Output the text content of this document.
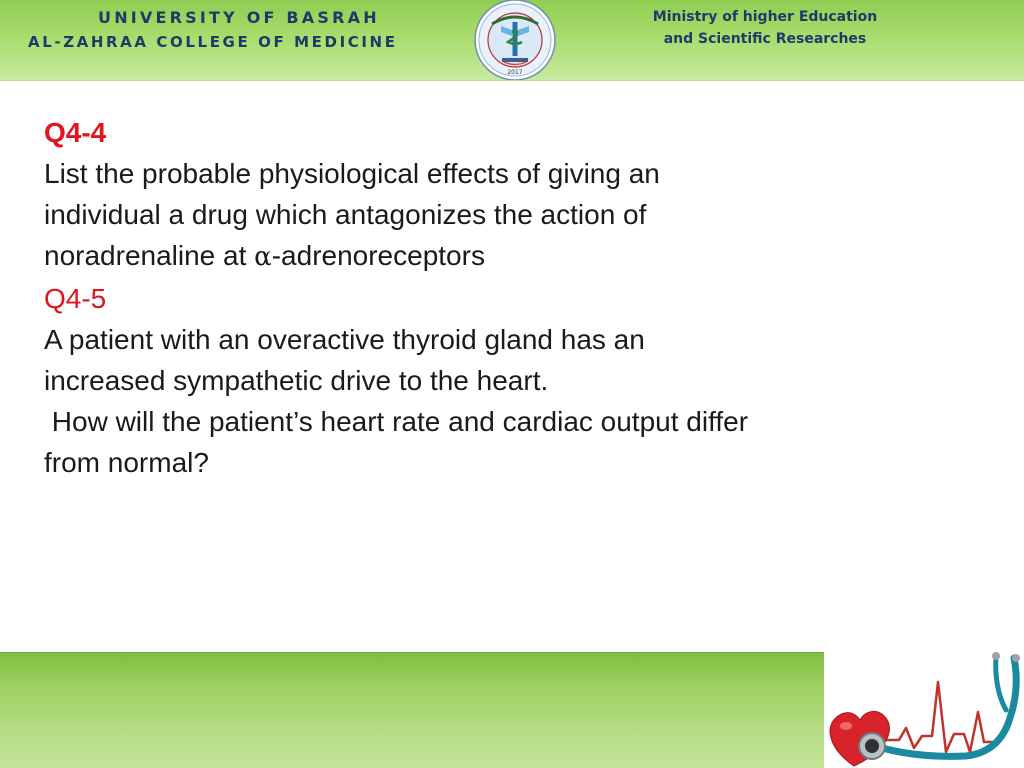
UNIVERSITY OF BASRAH
AL-ZAHRAA COLLEGE OF MEDICINE
2017
Ministry of higher Education
and Scientific Researches
Q4-4
List the probable physiological effects of giving an
individual a drug which antagonizes the action of
noradrenaline at α-adrenoreceptors
Q4-5
A patient with an overactive thyroid gland has an
increased sympathetic drive to the heart.
How will the patient’s heart rate and cardiac output differ
from normal?
